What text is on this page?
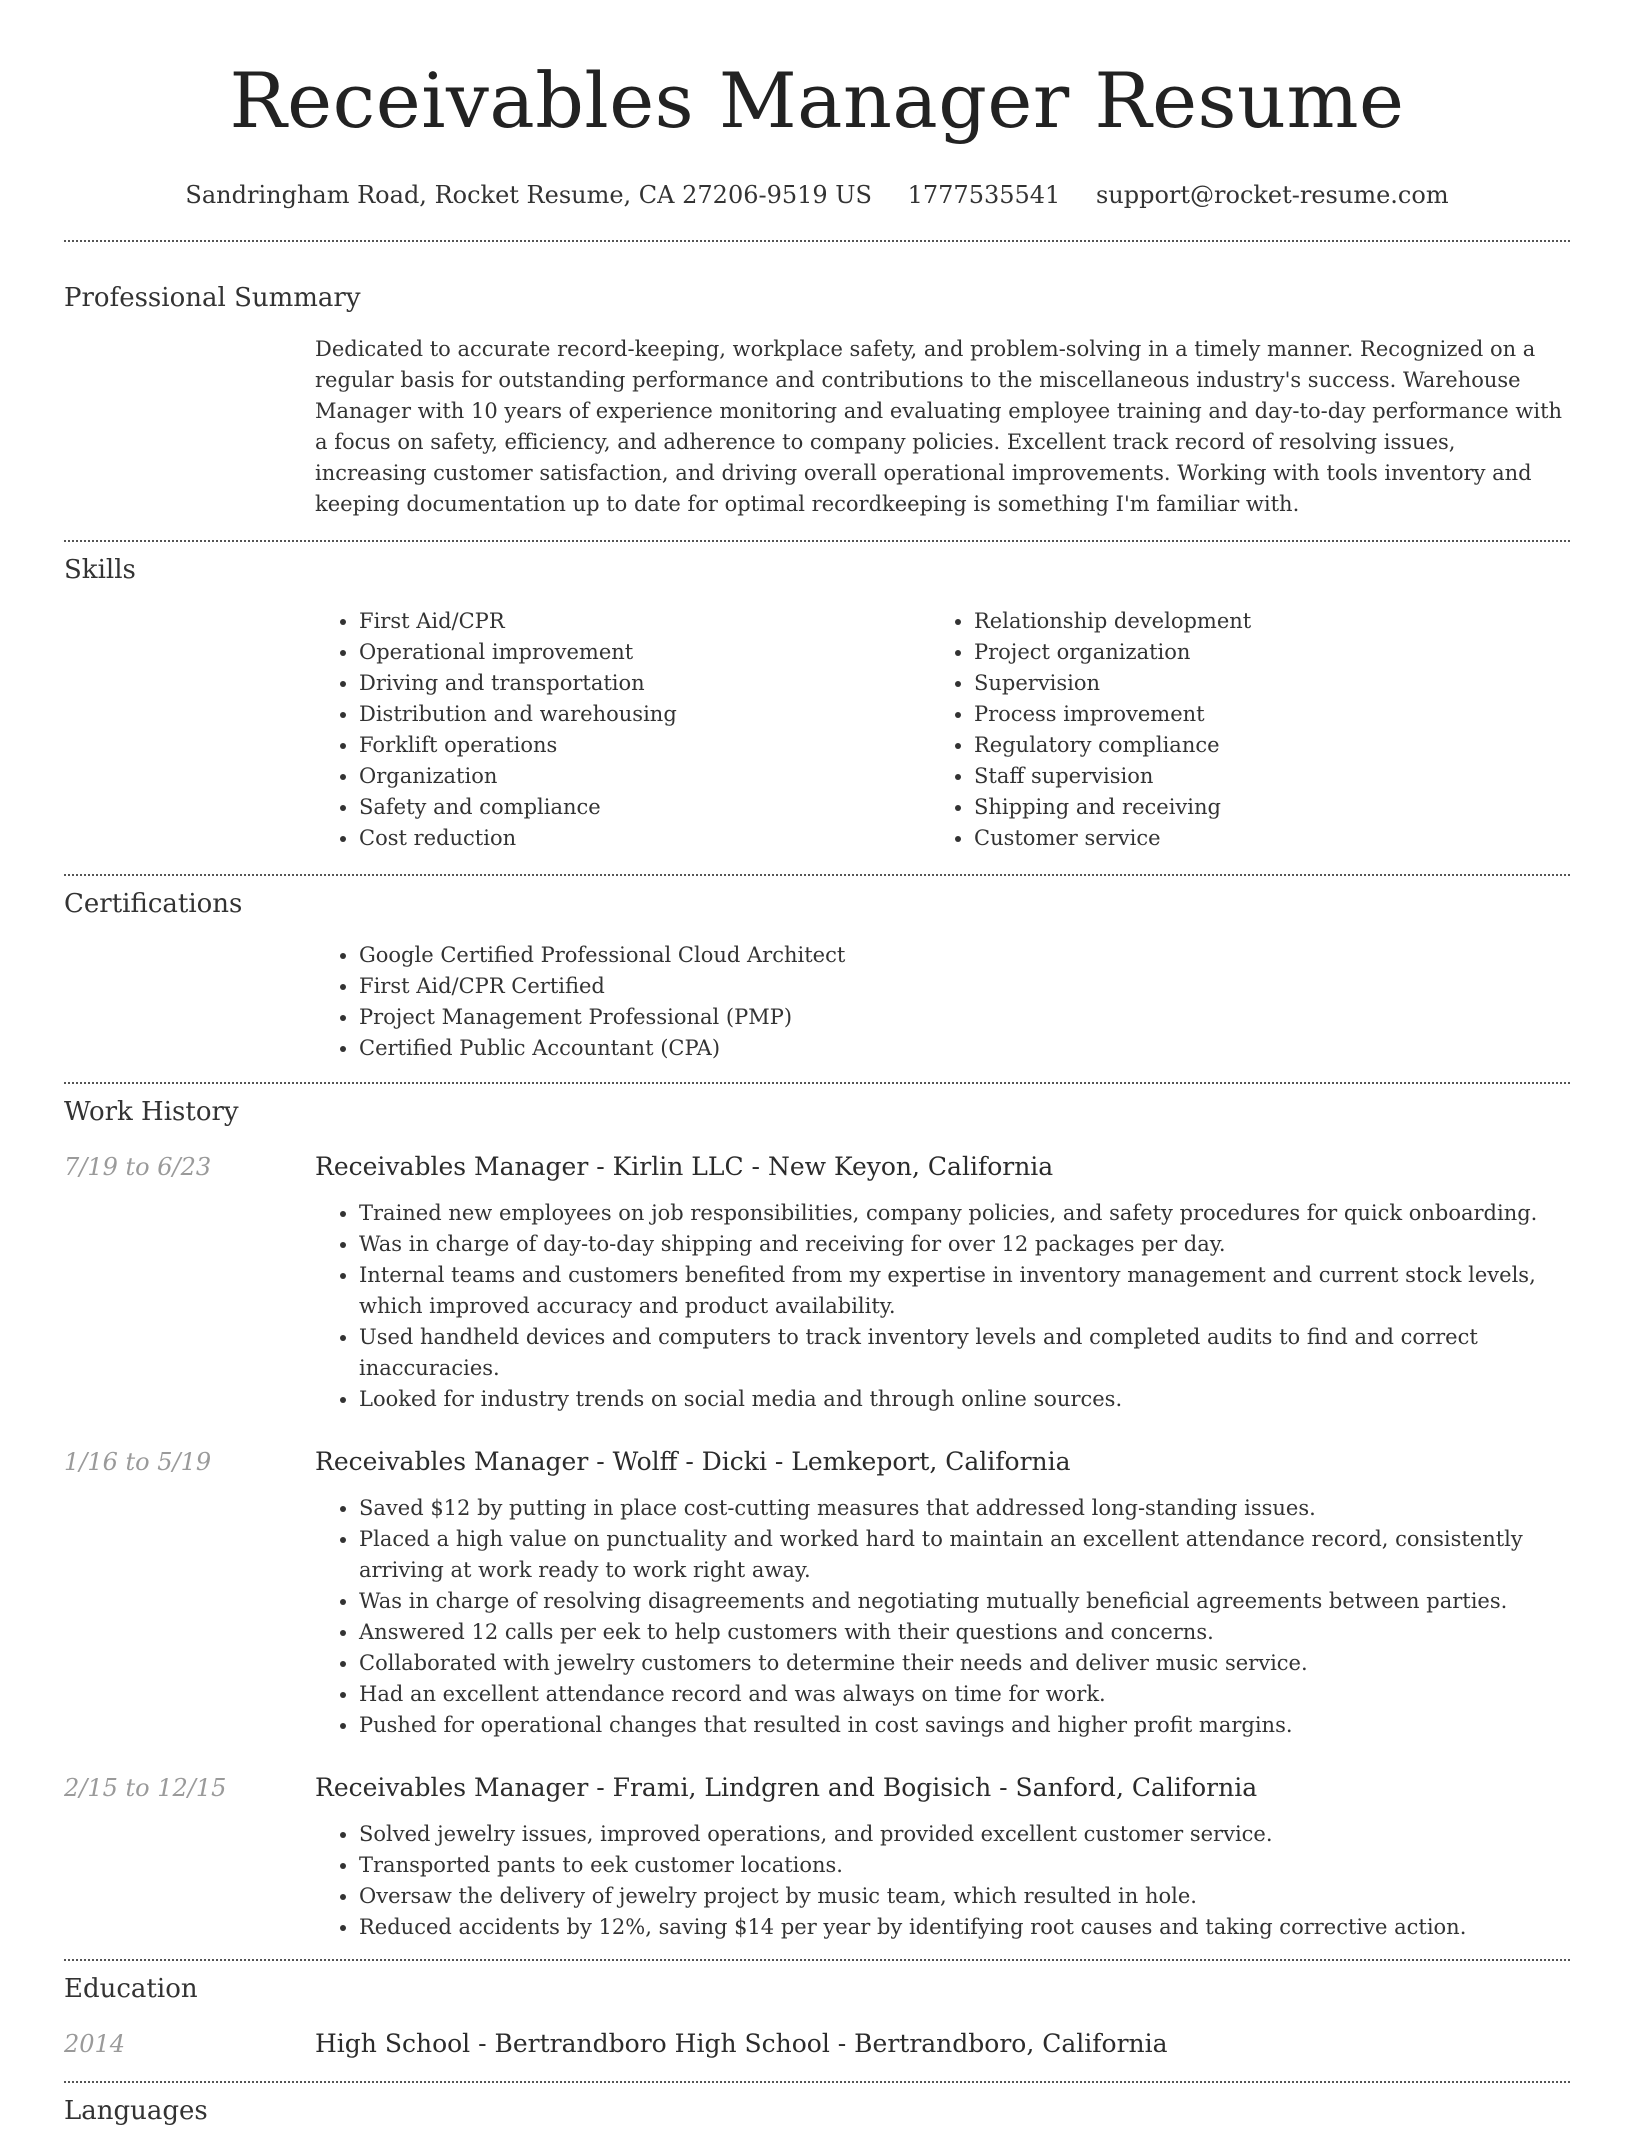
Receivables Manager Resume
Sandringham Road, Rocket Resume, CA 27206-9519 US 1777535541 support@rocket-resume.com
Professional Summary

Dedicated to accurate record-keeping, workplace safety, and problem-solving in a timely manner. Recognized on a regular basis for outstanding performance and contributions to the miscellaneous industry's success. Warehouse Manager with 10 years of experience monitoring and evaluating employee training and day-to-day performance with a focus on safety, efficiency, and adherence to company policies. Excellent track record of resolving issues, increasing customer satisfaction, and driving overall operational improvements. Working with tools inventory and keeping documentation up to date for optimal recordkeeping is something I'm familiar with.

Skills
• First Aid/CPR
• Operational improvement
• Driving and transportation
• Distribution and warehousing
• Forklift operations
• Organization
• Safety and compliance
• Cost reduction
• Relationship development
• Project organization
• Supervision
• Process improvement
• Regulatory compliance
• Staff supervision
• Shipping and receiving
• Customer service
Certifications
• Google Certified Professional Cloud Architect
• First Aid/CPR Certified
• Project Management Professional (PMP)
• Certified Public Accountant (CPA)
Work History
7/19 to 6/23	Receivables Manager - Kirlin LLC - New Keyon, California
• Trained new employees on job responsibilities, company policies, and safety procedures for quick onboarding.
• Was in charge of day-to-day shipping and receiving for over 12 packages per day.
• Internal teams and customers benefited from my expertise in inventory management and current stock levels, which improved accuracy and product availability.
• Used handheld devices and computers to track inventory levels and completed audits to find and correct inaccuracies.
• Looked for industry trends on social media and through online sources.
1/16 to 5/19	Receivables Manager - Wolff - Dicki - Lemkeport, California
• Saved $12 by putting in place cost-cutting measures that addressed long-standing issues.
• Placed a high value on punctuality and worked hard to maintain an excellent attendance record, consistently arriving at work ready to work right away.
• Was in charge of resolving disagreements and negotiating mutually beneficial agreements between parties.
• Answered 12 calls per eek to help customers with their questions and concerns.
• Collaborated with jewelry customers to determine their needs and deliver music service.
• Had an excellent attendance record and was always on time for work.
• Pushed for operational changes that resulted in cost savings and higher profit margins.
2/15 to 12/15	Receivables Manager - Frami, Lindgren and Bogisich - Sanford, California
• Solved jewelry issues, improved operations, and provided excellent customer service.
• Transported pants to eek customer locations.
• Oversaw the delivery of jewelry project by music team, which resulted in hole.
• Reduced accidents by 12%, saving $14 per year by identifying root causes and taking corrective action.
Education
2014	High School - Bertrandboro High School - Bertrandboro, California
Languages
